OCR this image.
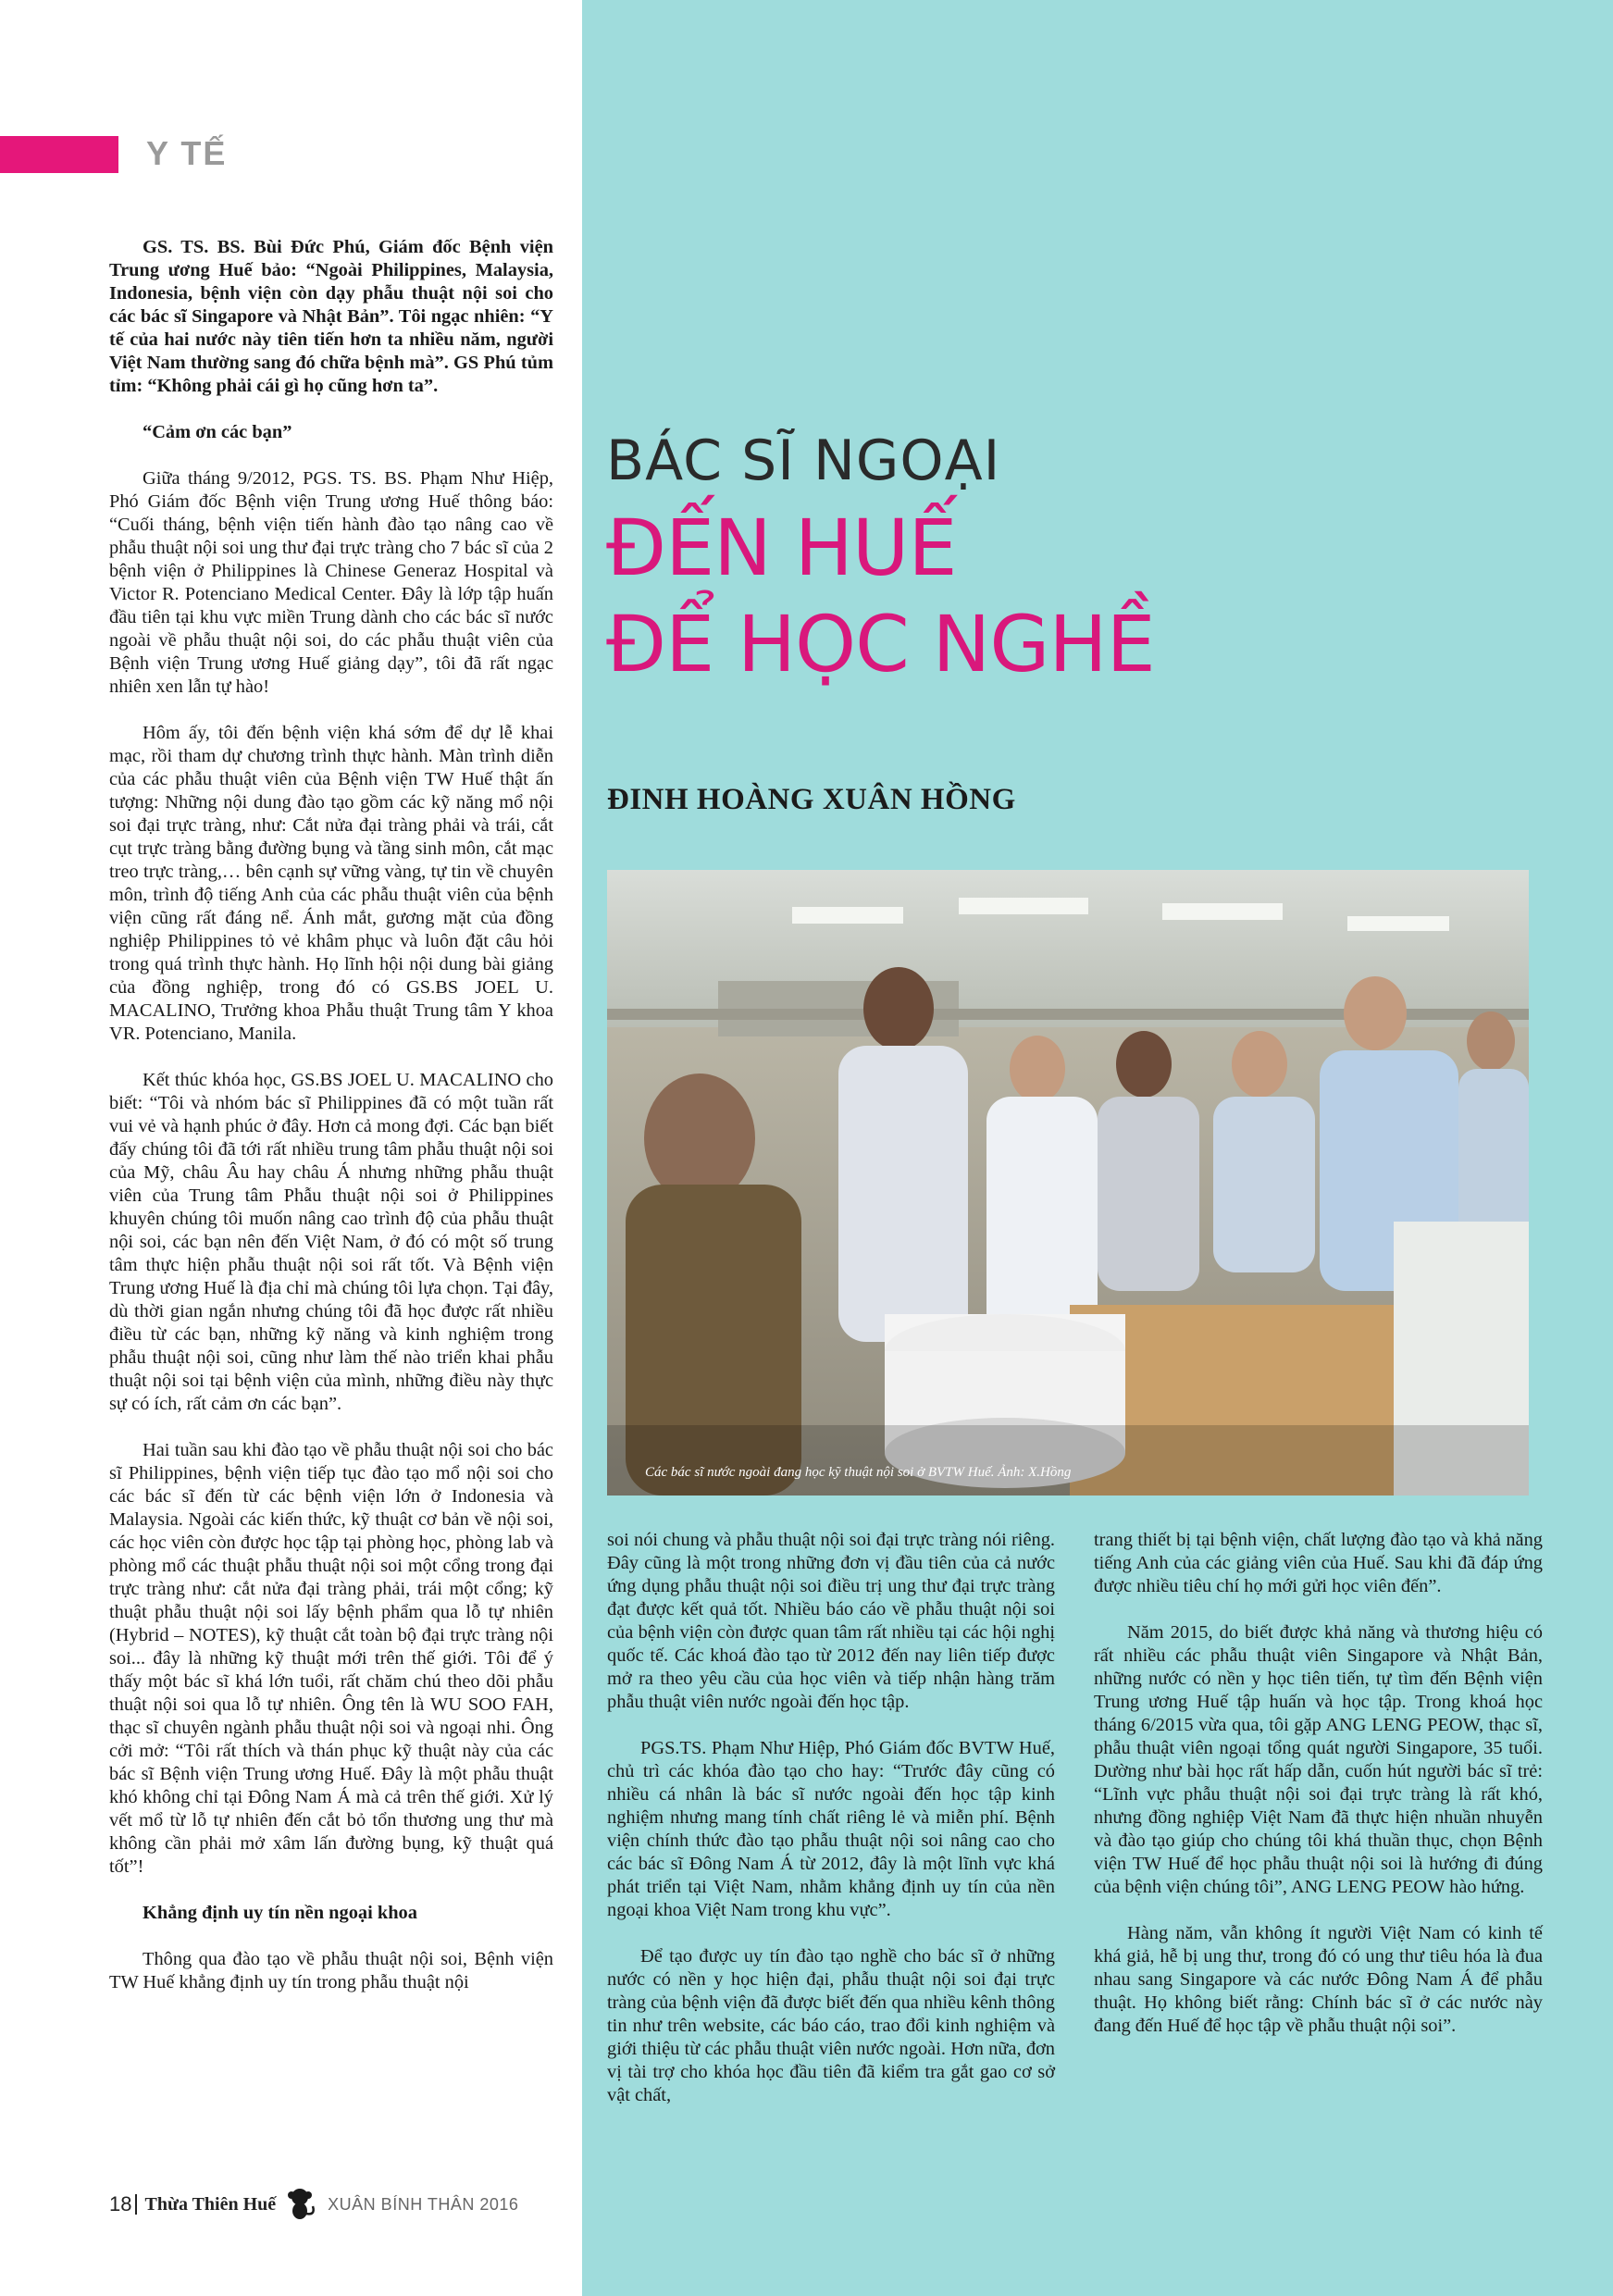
Y TẾ

GS. TS. BS. Bùi Đức Phú, Giám đốc Bệnh viện Trung ương Huế bảo: “Ngoài Philippines, Malaysia, Indonesia, bệnh viện còn dạy phẫu thuật nội soi cho các bác sĩ Singapore và Nhật Bản”. Tôi ngạc nhiên: “Y tế của hai nước này tiên tiến hơn ta nhiều năm, người Việt Nam thường sang đó chữa bệnh mà”. GS Phú tủm tỉm: “Không phải cái gì họ cũng hơn ta”.

“Cảm ơn các bạn”

Giữa tháng 9/2012, PGS. TS. BS. Phạm Như Hiệp, Phó Giám đốc Bệnh viện Trung ương Huế thông báo: “Cuối tháng, bệnh viện tiến hành đào tạo nâng cao về phẫu thuật nội soi ung thư đại trực tràng cho 7 bác sĩ của 2 bệnh viện ở Philippines là Chinese Generaz Hospital và Victor R. Potenciano Medical Center. Đây là lớp tập huấn đầu tiên tại khu vực miền Trung dành cho các bác sĩ nước ngoài về phẫu thuật nội soi, do các phẫu thuật viên của Bệnh viện Trung ương Huế giảng dạy”, tôi đã rất ngạc nhiên xen lẫn tự hào!

Hôm ấy, tôi đến bệnh viện khá sớm để dự lễ khai mạc, rồi tham dự chương trình thực hành. Màn trình diễn của các phẫu thuật viên của Bệnh viện TW Huế thật ấn tượng: Những nội dung đào tạo gồm các kỹ năng mổ nội soi đại trực tràng, như: Cắt nửa đại tràng phải và trái, cắt cụt trực tràng bằng đường bụng và tầng sinh môn, cắt mạc treo trực tràng,… bên cạnh sự vững vàng, tự tin về chuyên môn, trình độ tiếng Anh của các phẫu thuật viên của bệnh viện cũng rất đáng nể. Ánh mắt, gương mặt của đồng nghiệp Philippines tỏ vẻ khâm phục và luôn đặt câu hỏi trong quá trình thực hành. Họ lĩnh hội nội dung bài giảng của đồng nghiệp, trong đó có GS.BS JOEL U. MACALINO, Trưởng khoa Phẫu thuật Trung tâm Y khoa VR. Potenciano, Manila.

Kết thúc khóa học, GS.BS JOEL U. MACALINO cho biết: “Tôi và nhóm bác sĩ Philippines đã có một tuần rất vui vẻ và hạnh phúc ở đây. Hơn cả mong đợi. Các bạn biết đấy chúng tôi đã tới rất nhiều trung tâm phẫu thuật nội soi của Mỹ, châu Âu hay châu Á nhưng những phẫu thuật viên của Trung tâm Phẫu thuật nội soi ở Philippines khuyên chúng tôi muốn nâng cao trình độ của phẫu thuật nội soi, các bạn nên đến Việt Nam, ở đó có một số trung tâm thực hiện phẫu thuật nội soi rất tốt. Và Bệnh viện Trung ương Huế là địa chỉ mà chúng tôi lựa chọn. Tại đây, dù thời gian ngắn nhưng chúng tôi đã học được rất nhiều điều từ các bạn, những kỹ năng và kinh nghiệm trong phẫu thuật nội soi, cũng như làm thế nào triển khai phẫu thuật nội soi tại bệnh viện của mình, những điều này thực sự có ích, rất cảm ơn các bạn”.

Hai tuần sau khi đào tạo về phẫu thuật nội soi cho bác sĩ Philippines, bệnh viện tiếp tục đào tạo mổ nội soi cho các bác sĩ đến từ các bệnh viện lớn ở Indonesia và Malaysia. Ngoài các kiến thức, kỹ thuật cơ bản về nội soi, các học viên còn được học tập tại phòng học, phòng lab và phòng mổ các thuật phẫu thuật nội soi một cổng trong đại trực tràng như: cắt nửa đại tràng phải, trái một cổng; kỹ thuật phẫu thuật nội soi lấy bệnh phẩm qua lỗ tự nhiên (Hybrid – NOTES), kỹ thuật cắt toàn bộ đại trực tràng nội soi... đây là những kỹ thuật mới trên thế giới. Tôi để ý thấy một bác sĩ khá lớn tuổi, rất chăm chú theo dõi phẫu thuật nội soi qua lỗ tự nhiên. Ông tên là WU SOO FAH, thạc sĩ chuyên ngành phẫu thuật nội soi và ngoại nhi. Ông cởi mở: “Tôi rất thích và thán phục kỹ thuật này của các bác sĩ Bệnh viện Trung ương Huế. Đây là một phẫu thuật khó không chỉ tại Đông Nam Á mà cả trên thế giới. Xử lý vết mổ từ lỗ tự nhiên đến cắt bỏ tổn thương ung thư mà không cần phải mở xâm lấn đường bụng, kỹ thuật quá tốt”!

Khẳng định uy tín nền ngoại khoa

Thông qua đào tạo về phẫu thuật nội soi, Bệnh viện TW Huế khẳng định uy tín trong phẫu thuật nội

BÁC SĨ NGOẠI
ĐẾN HUẾ
ĐỂ HỌC NGHỀ
ĐINH HOÀNG XUÂN HỒNG
Các bác sĩ nước ngoài đang học kỹ thuật nội soi ở BVTW Huế. Ảnh: X.Hồng

soi nói chung và phẫu thuật nội soi đại trực tràng nói riêng. Đây cũng là một trong những đơn vị đầu tiên của cả nước ứng dụng phẫu thuật nội soi điều trị ung thư đại trực tràng đạt được kết quả tốt. Nhiều báo cáo về phẫu thuật nội soi của bệnh viện còn được quan tâm rất nhiều tại các hội nghị quốc tế. Các khoá đào tạo từ 2012 đến nay liên tiếp được mở ra theo yêu cầu của học viên và tiếp nhận hàng trăm phẫu thuật viên nước ngoài đến học tập.

PGS.TS. Phạm Như Hiệp, Phó Giám đốc BVTW Huế, chủ trì các khóa đào tạo cho hay: “Trước đây cũng có nhiều cá nhân là bác sĩ nước ngoài đến học tập kinh nghiệm nhưng mang tính chất riêng lẻ và miễn phí. Bệnh viện chính thức đào tạo phẫu thuật nội soi nâng cao cho các bác sĩ Đông Nam Á từ 2012, đây là một lĩnh vực khá phát triển tại Việt Nam, nhằm khẳng định uy tín của nền ngoại khoa Việt Nam trong khu vực”.

Để tạo được uy tín đào tạo nghề cho bác sĩ ở những nước có nền y học hiện đại, phẫu thuật nội soi đại trực tràng của bệnh viện đã được biết đến qua nhiều kênh thông tin như trên website, các báo cáo, trao đổi kinh nghiệm và giới thiệu từ các phẫu thuật viên nước ngoài. Hơn nữa, đơn vị tài trợ cho khóa học đầu tiên đã kiểm tra gắt gao cơ sở vật chất,

trang thiết bị tại bệnh viện, chất lượng đào tạo và khả năng tiếng Anh của các giảng viên của Huế. Sau khi đã đáp ứng được nhiều tiêu chí họ mới gửi học viên đến”.

Năm 2015, do biết được khả năng và thương hiệu có rất nhiều các phẫu thuật viên Singapore và Nhật Bản, những nước có nền y học tiên tiến, tự tìm đến Bệnh viện Trung ương Huế tập huấn và học tập. Trong khoá học tháng 6/2015 vừa qua, tôi gặp ANG LENG PEOW, thạc sĩ, phẫu thuật viên ngoại tổng quát người Singapore, 35 tuổi. Dường như bài học rất hấp dẫn, cuốn hút người bác sĩ trẻ: “Lĩnh vực phẫu thuật nội soi đại trực tràng là rất khó, nhưng đồng nghiệp Việt Nam đã thực hiện nhuần nhuyễn và đào tạo giúp cho chúng tôi khá thuần thục, chọn Bệnh viện TW Huế để học phẫu thuật nội soi là hướng đi đúng của bệnh viện chúng tôi”, ANG LENG PEOW hào hứng.

Hàng năm, vẫn không ít người Việt Nam có kinh tế khá giả, hễ bị ung thư, trong đó có ung thư tiêu hóa là đua nhau sang Singapore và các nước Đông Nam Á để phẫu thuật. Họ không biết rằng: Chính bác sĩ ở các nước này đang đến Huế để học tập về phẫu thuật nội soi”.

18 Thừa Thiên Huế	XUÂN BÍNH THÂN 2016
